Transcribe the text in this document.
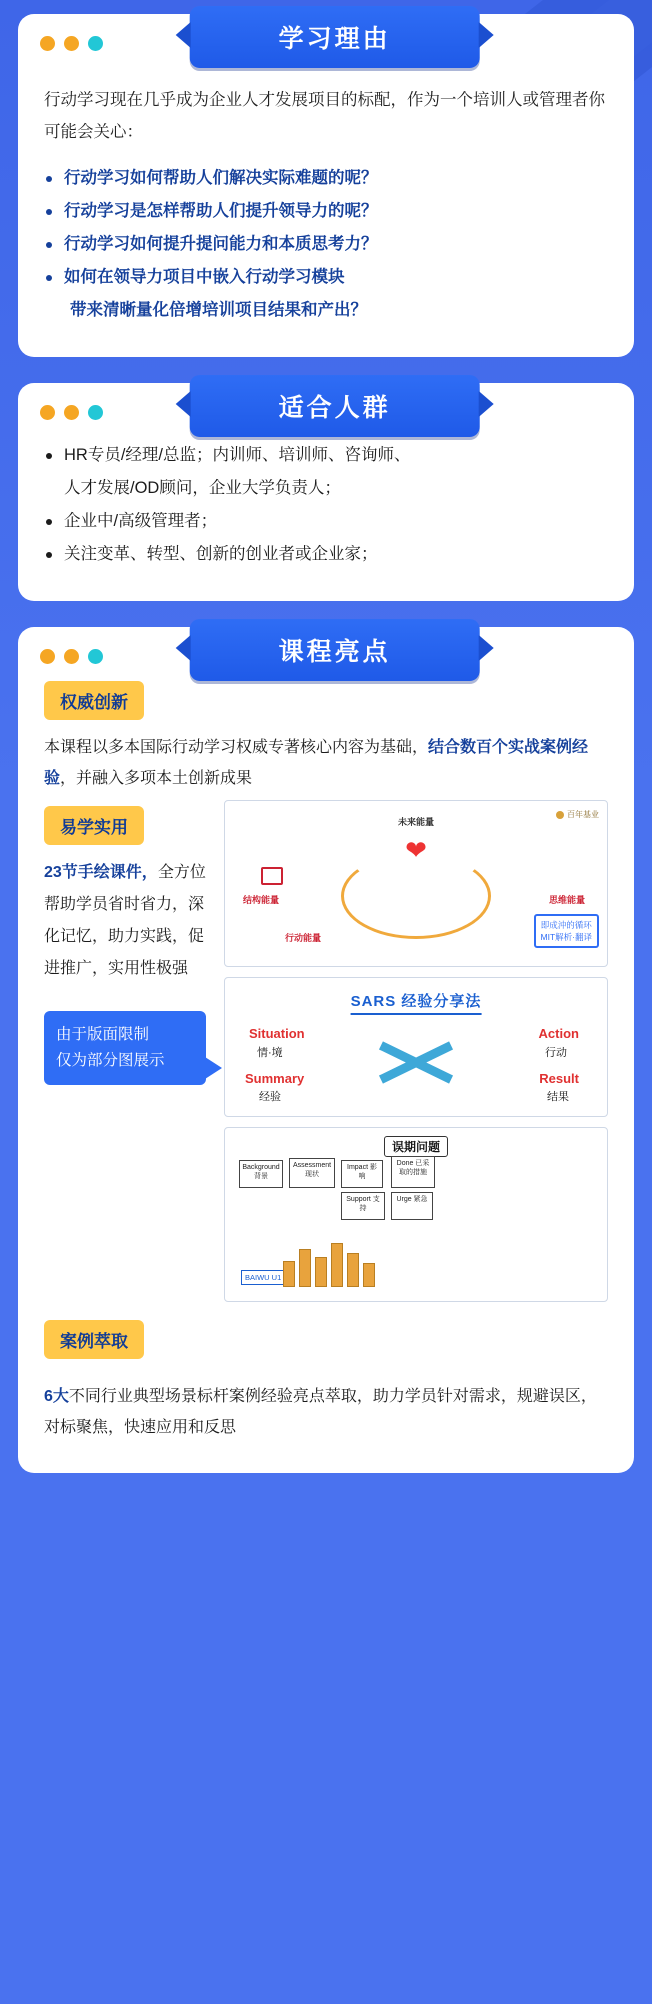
学习理由

行动学习现在几乎成为企业人才发展项目的标配，作为一个培训人或管理者你可能会关心：

行动学习如何帮助人们解决实际难题的呢？
行动学习是怎样帮助人们提升领导力的呢？
行动学习如何提升提问能力和本质思考力？
如何在领导力项目中嵌入行动学习模块
带来清晰量化倍增培训项目结果和产出？
适合人群
HR专员/经理/总监；内训师、培训师、咨询师、
人才发展/OD顾问，企业大学负责人；
企业中/高级管理者；
关注变革、转型、创新的创业者或企业家；
课程亮点
权威创新

本课程以多本国际行动学习权威专著核心内容为基础，结合数百个实战案例经验，并融入多项本土创新成果

易学实用

23节手绘课件，全方位帮助学员省时省力，深化记忆，助力实践，促进推广，实用性极强

由于版面限制
仅为部分图展示
百年基业
未来能量
❤
结构能量	思维能量
行动能量
即成沖的循环
MIT解析·翻译
SARS 经验分享法
Situation
情·境
Action
行动
Summary
经验
Result
结果
误期问题
Background 背景
Assessment 现状
Impact 影响
Done 已采取的措施
Urge 紧急
Support 支持
BAIWU U1
案例萃取

6大不同行业典型场景标杆案例经验亮点萃取，助力学员针对需求，规避误区，对标聚焦，快速应用和反思
